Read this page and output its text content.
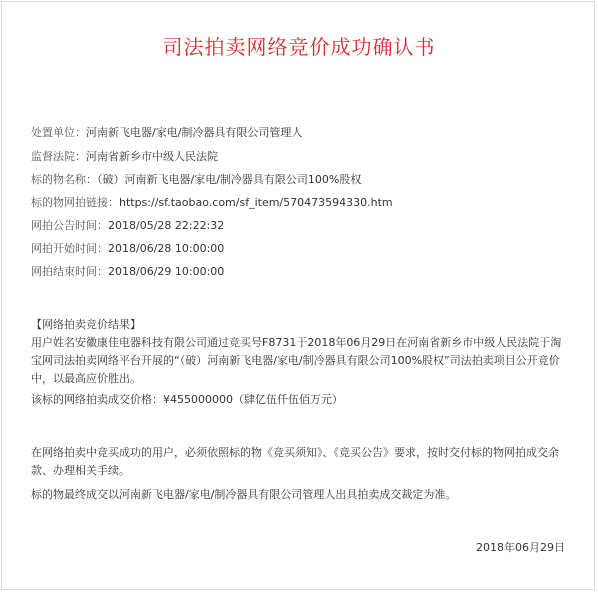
司法拍卖网络竞价成功确认书
处置单位：河南新飞电器/家电/制冷器具有限公司管理人
监督法院：河南省新乡市中级人民法院
标的物名称：（破）河南新飞电器/家电/制冷器具有限公司100%股权
标的物网拍链接：https://sf.taobao.com/sf_item/570473594330.htm
网拍公告时间：2018/05/28 22:22:32
网拍开始时间：2018/06/28 10:00:00
网拍结束时间：2018/06/29 10:00:00
【网络拍卖竞价结果】
用户姓名安徽康佳电器科技有限公司通过竞买号F8731于2018年06月29日在河南省新乡市中级人民法院于淘宝网司法拍卖网络平台开展的“（破）河南新飞电器/家电/制冷器具有限公司100%股权”司法拍卖项目公开竞价中，以最高应价胜出。
该标的网络拍卖成交价格：¥455000000（肆亿伍仟伍佰万元）
在网络拍卖中竞买成功的用户，必须依照标的物《竞买须知》、《竞买公告》要求，按时交付标的物网拍成交余款、办理相关手续。
标的物最终成交以河南新飞电器/家电/制冷器具有限公司管理人出具拍卖成交裁定为准。
2018年06月29日
